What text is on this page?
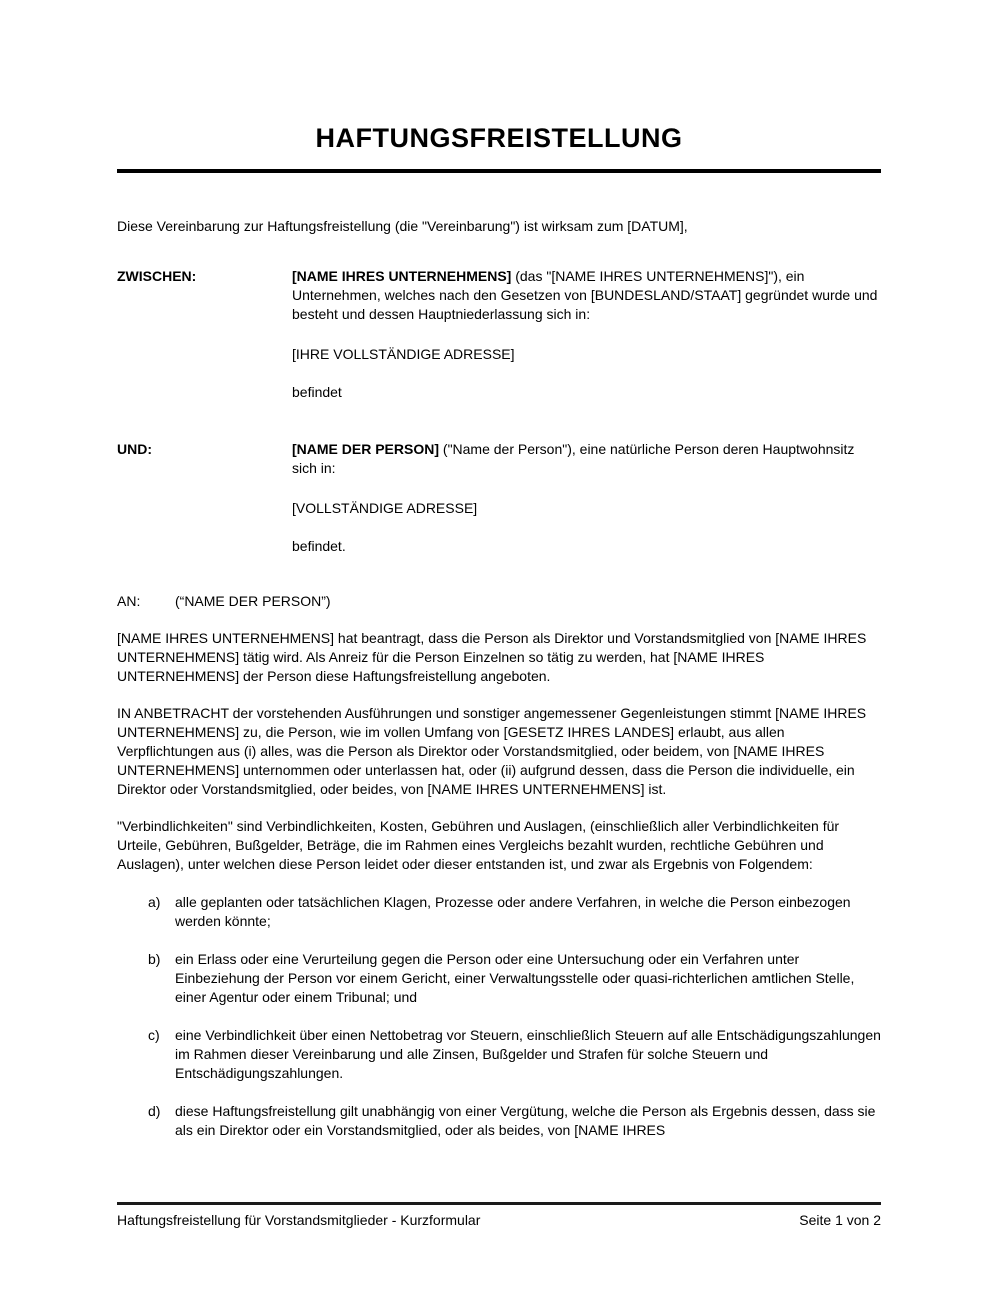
HAFTUNGSFREISTELLUNG

Diese Vereinbarung zur Haftungsfreistellung (die "Vereinbarung") ist wirksam zum [DATUM],

ZWISCHEN:	[NAME IHRES UNTERNEHMENS] (das "[NAME IHRES UNTERNEHMENS]"), ein Unternehmen, welches nach den Gesetzen von [BUNDESLAND/STAAT] gegründet wurde und besteht und dessen Hauptniederlassung sich in:

[IHRE VOLLSTÄNDIGE ADRESSE]

befindet

UND:	[NAME DER PERSON] ("Name der Person"), eine natürliche Person deren Hauptwohnsitz sich in:

[VOLLSTÄNDIGE ADRESSE]

befindet.

AN:	(“NAME DER PERSON”)

[NAME IHRES UNTERNEHMENS] hat beantragt, dass die Person als Direktor und Vorstandsmitglied von [NAME IHRES UNTERNEHMENS] tätig wird. Als Anreiz für die Person Einzelnen so tätig zu werden, hat [NAME IHRES UNTERNEHMENS] der Person diese Haftungsfreistellung angeboten.

IN ANBETRACHT der vorstehenden Ausführungen und sonstiger angemessener Gegenleistungen stimmt [NAME IHRES UNTERNEHMENS] zu, die Person, wie im vollen Umfang von [GESETZ IHRES LANDES] erlaubt, aus allen Verpflichtungen aus (i) alles, was die Person als Direktor oder Vorstandsmitglied, oder beidem, von [NAME IHRES UNTERNEHMENS] unternommen oder unterlassen hat, oder (ii) aufgrund dessen, dass die Person die individuelle, ein Direktor oder Vorstandsmitglied, oder beides, von [NAME IHRES UNTERNEHMENS] ist.

"Verbindlichkeiten" sind Verbindlichkeiten, Kosten, Gebühren und Auslagen, (einschließlich aller Verbindlichkeiten für Urteile, Gebühren, Bußgelder, Beträge, die im Rahmen eines Vergleichs bezahlt wurden, rechtliche Gebühren und Auslagen), unter welchen diese Person leidet oder dieser entstanden ist, und zwar als Ergebnis von Folgendem:

a)	alle geplanten oder tatsächlichen Klagen, Prozesse oder andere Verfahren, in welche die Person einbezogen werden könnte;
b)	ein Erlass oder eine Verurteilung gegen die Person oder eine Untersuchung oder ein Verfahren unter Einbeziehung der Person vor einem Gericht, einer Verwaltungsstelle oder quasi-richterlichen amtlichen Stelle, einer Agentur oder einem Tribunal; und
c)	eine Verbindlichkeit über einen Nettobetrag vor Steuern, einschließlich Steuern auf alle Entschädigungszahlungen im Rahmen dieser Vereinbarung und alle Zinsen, Bußgelder und Strafen für solche Steuern und Entschädigungszahlungen.
d)	diese Haftungsfreistellung gilt unabhängig von einer Vergütung, welche die Person als Ergebnis dessen, dass sie als ein Direktor oder ein Vorstandsmitglied, oder als beides, von [NAME IHRES
Haftungsfreistellung für Vorstandsmitglieder - Kurzformular	Seite 1 von 2
